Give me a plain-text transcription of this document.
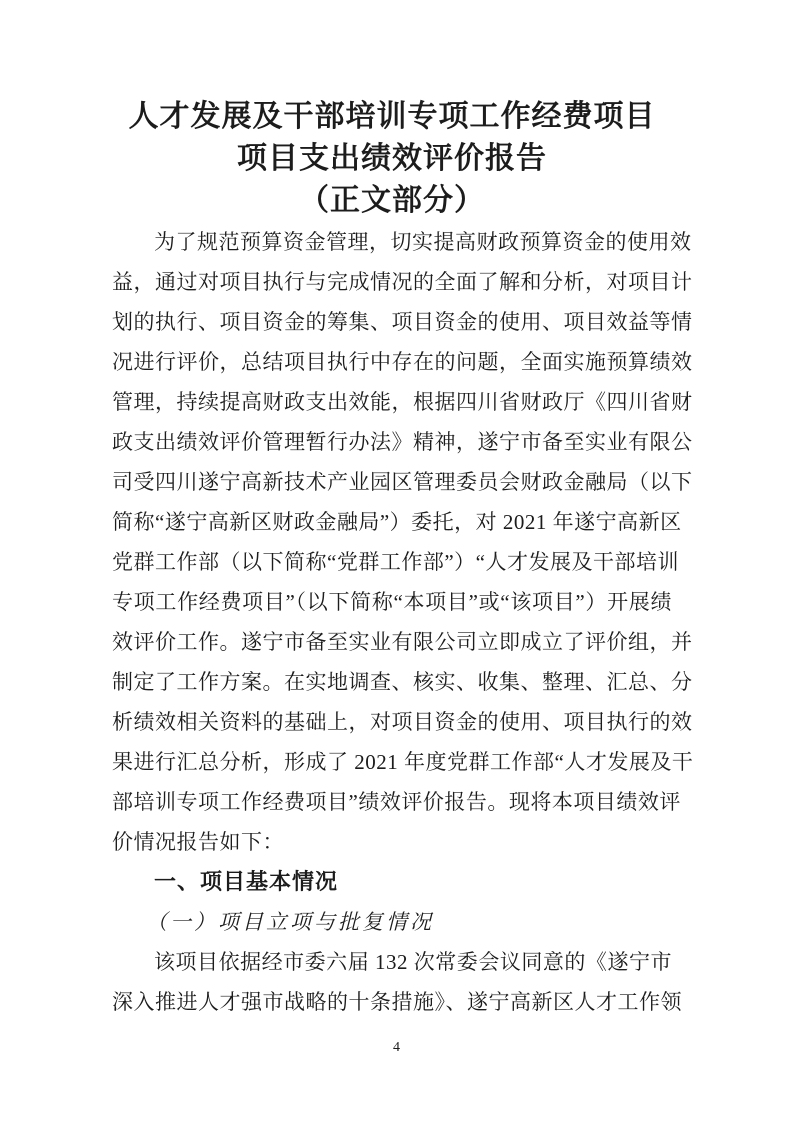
人才发展及干部培训专项工作经费项目
项目支出绩效评价报告
（正文部分）
为了规范预算资金管理，切实提高财政预算资金的使用效
益，通过对项目执行与完成情况的全面了解和分析，对项目计
划的执行、项目资金的筹集、项目资金的使用、项目效益等情
况进行评价，总结项目执行中存在的问题，全面实施预算绩效
管理，持续提高财政支出效能，根据四川省财政厅《四川省财
政支出绩效评价管理暂行办法》精神，遂宁市备至实业有限公
司受四川遂宁高新技术产业园区管理委员会财政金融局（以下
简称“遂宁高新区财政金融局”）委托，对 2021 年遂宁高新区
党群工作部（以下简称“党群工作部”）“人才发展及干部培训
专项工作经费项目”（以下简称“本项目”或“该项目”）开展绩
效评价工作。遂宁市备至实业有限公司立即成立了评价组，并
制定了工作方案。在实地调查、核实、收集、整理、汇总、分
析绩效相关资料的基础上，对项目资金的使用、项目执行的效
果进行汇总分析，形成了 2021 年度党群工作部“人才发展及干
部培训专项工作经费项目”绩效评价报告。现将本项目绩效评
价情况报告如下：
一、项目基本情况
（一）项目立项与批复情况
该项目依据经市委六届 132 次常委会议同意的《遂宁市
深入推进人才强市战略的十条措施》、遂宁高新区人才工作领
4
